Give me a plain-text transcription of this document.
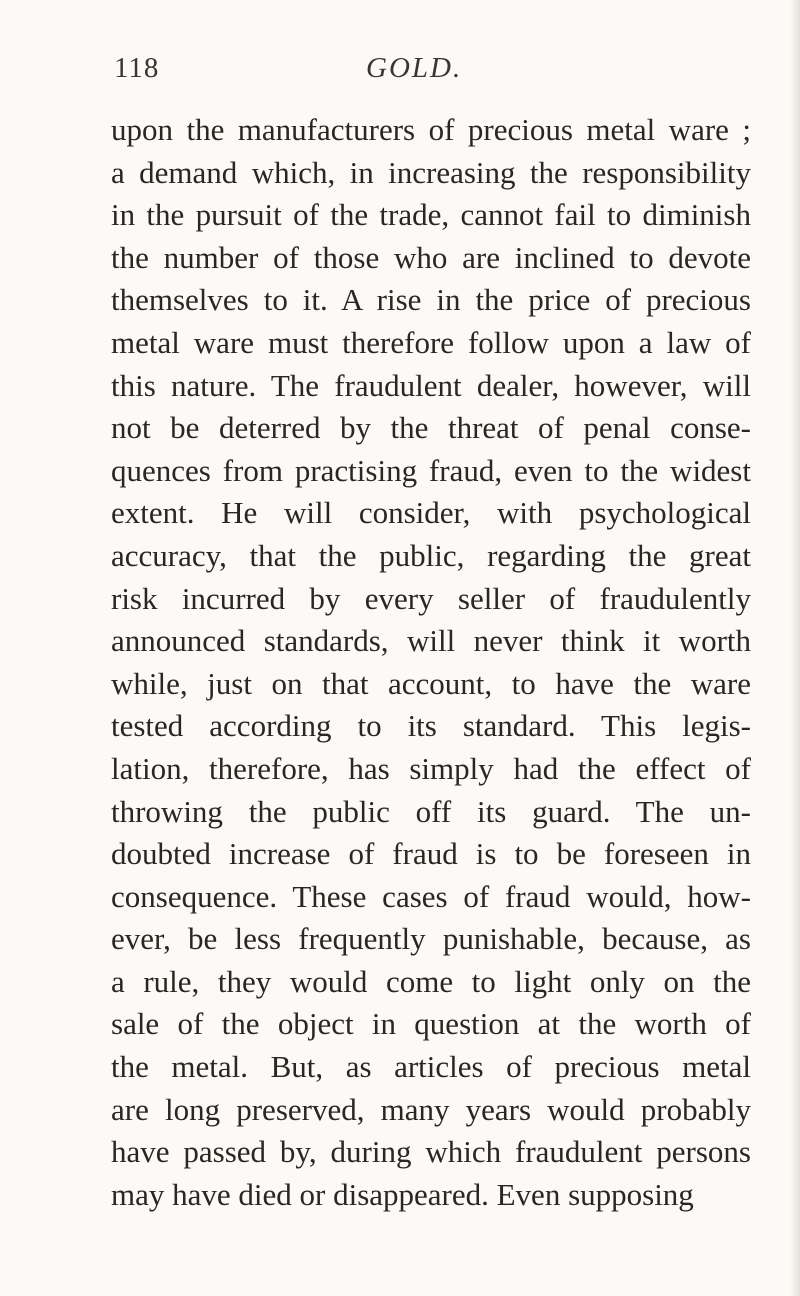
118	GOLD.
upon the manufacturers of precious metal ware ;
a demand which, in increasing the responsibility
in the pursuit of the trade, cannot fail to diminish
the number of those who are inclined to devote
themselves to it. A rise in the price of precious
metal ware must therefore follow upon a law of
this nature. The fraudulent dealer, however, will
not be deterred by the threat of penal conse-
quences from practising fraud, even to the widest
extent. He will consider, with psychological
accuracy, that the public, regarding the great
risk incurred by every seller of fraudulently
announced standards, will never think it worth
while, just on that account, to have the ware
tested according to its standard. This legis-
lation, therefore, has simply had the effect of
throwing the public off its guard. The un-
doubted increase of fraud is to be foreseen in
consequence. These cases of fraud would, how-
ever, be less frequently punishable, because, as
a rule, they would come to light only on the
sale of the object in question at the worth of
the metal. But, as articles of precious metal
are long preserved, many years would probably
have passed by, during which fraudulent persons
may have died or disappeared. Even supposing
